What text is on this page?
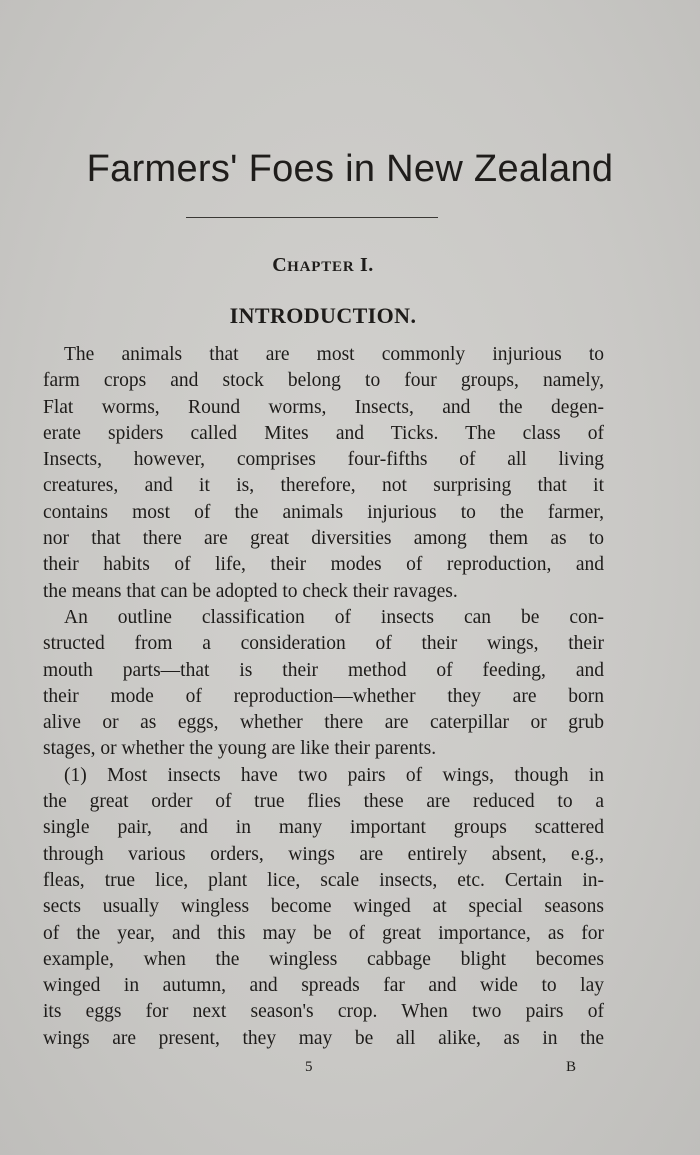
Farmers' Foes in New Zealand
CHAPTER I.
INTRODUCTION.

The animals that are most commonly injurious to
farm crops and stock belong to four groups, namely,
Flat worms, Round worms, Insects, and the degen-
erate spiders called Mites and Ticks. The class of
Insects, however, comprises four-fifths of all living
creatures, and it is, therefore, not surprising that it
contains most of the animals injurious to the farmer,
nor that there are great diversities among them as to
their habits of life, their modes of reproduction, and
the means that can be adopted to check their ravages.

An outline classification of insects can be con-
structed from a consideration of their wings, their
mouth parts—that is their method of feeding, and
their mode of reproduction—whether they are born
alive or as eggs, whether there are caterpillar or grub
stages, or whether the young are like their parents.

(1) Most insects have two pairs of wings, though in
the great order of true flies these are reduced to a
single pair, and in many important groups scattered
through various orders, wings are entirely absent, e.g.,
fleas, true lice, plant lice, scale insects, etc. Certain in-
sects usually wingless become winged at special seasons
of the year, and this may be of great importance, as for
example, when the wingless cabbage blight becomes
winged in autumn, and spreads far and wide to lay
its eggs for next season's crop. When two pairs of
wings are present, they may be all alike, as in the

5	B
